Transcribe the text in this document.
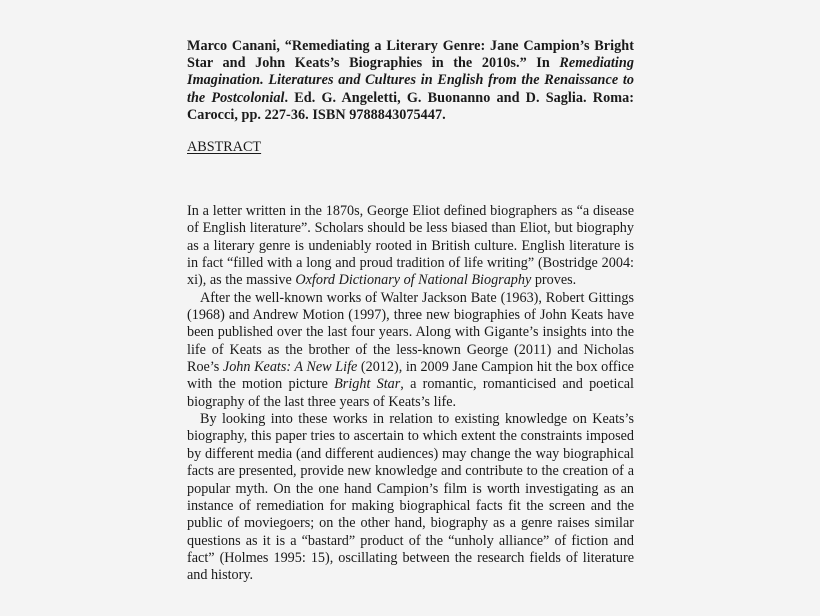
Marco Canani, “Remediating a Literary Genre: Jane Campion’s Bright Star and John Keats’s Biographies in the 2010s.” In Remediating Imagination. Literatures and Cultures in English from the Renaissance to the Postcolonial. Ed. G. Angeletti, G. Buonanno and D. Saglia. Roma: Carocci, pp. 227-36. ISBN 9788843075447.
ABSTRACT

In a letter written in the 1870s, George Eliot defined biographers as “a disease of English literature”. Scholars should be less biased than Eliot, but biography as a literary genre is undeniably rooted in British culture. English literature is in fact “filled with a long and proud tradition of life writing” (Bostridge 2004: xi), as the massive Oxford Dictionary of National Biography proves.

After the well-known works of Walter Jackson Bate (1963), Robert Gittings (1968) and Andrew Motion (1997), three new biographies of John Keats have been published over the last four years. Along with Gigante’s insights into the life of Keats as the brother of the less-known George (2011) and Nicholas Roe’s John Keats: A New Life (2012), in 2009 Jane Campion hit the box office with the motion picture Bright Star, a romantic, romanticised and poetical biography of the last three years of Keats’s life.

By looking into these works in relation to existing knowledge on Keats’s biography, this paper tries to ascertain to which extent the constraints imposed by different media (and different audiences) may change the way biographical facts are presented, provide new knowledge and contribute to the creation of a popular myth. On the one hand Campion’s film is worth investigating as an instance of remediation for making biographical facts fit the screen and the public of moviegoers; on the other hand, biography as a genre raises similar questions as it is a “bastard” product of the “unholy alliance” of fiction and fact” (Holmes 1995: 15), oscillating between the research fields of literature and history.
